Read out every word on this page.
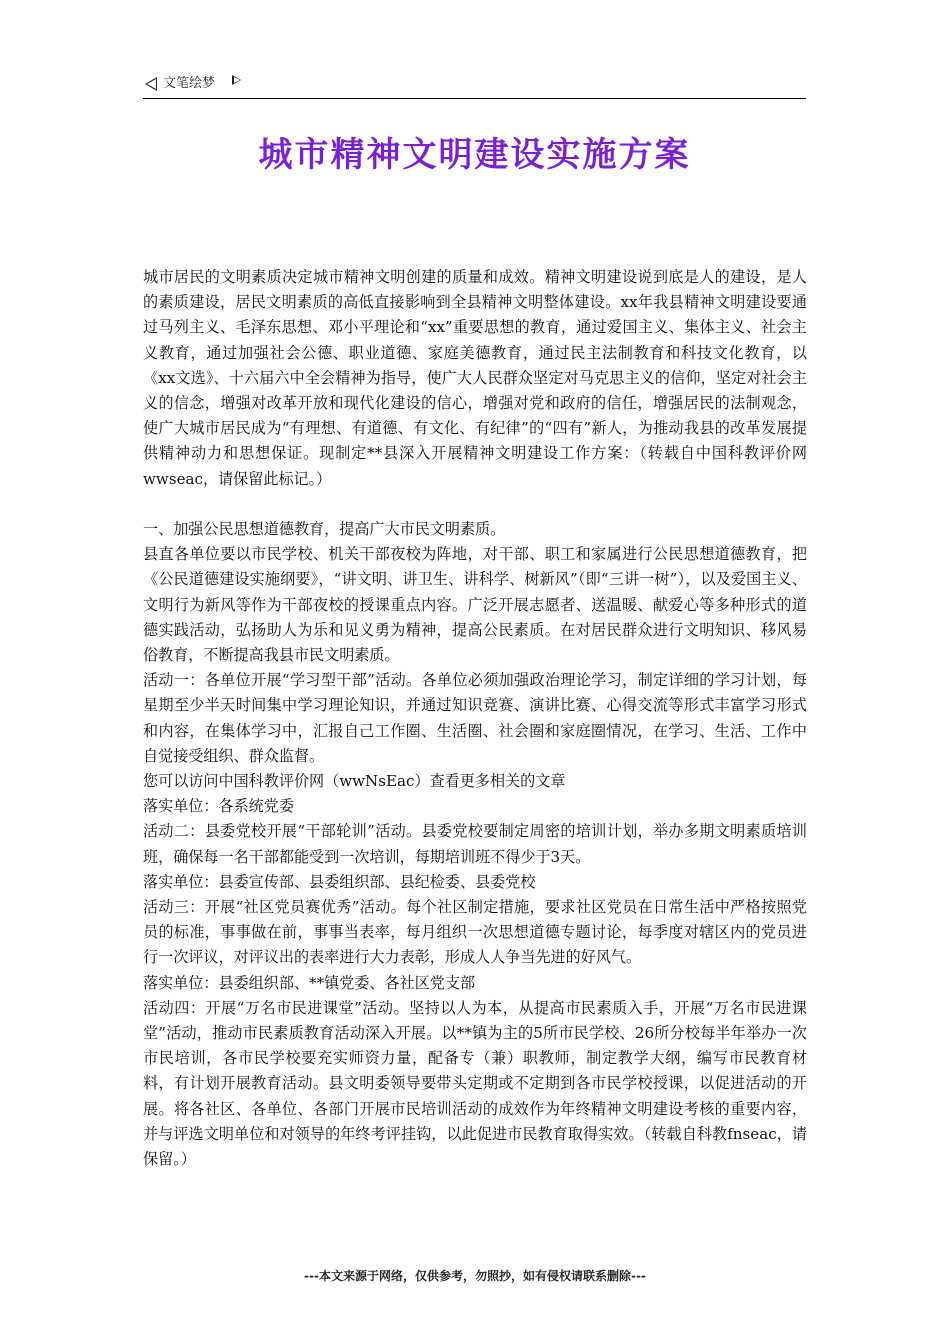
文笔绘梦
城市精神文明建设实施方案

城市居民的文明素质决定城市精神文明创建的质量和成效。精神文明建设说到底是人的建设，是人的素质建设，居民文明素质的高低直接影响到全县精神文明整体建设。xx年我县精神文明建设要通过马列主义、毛泽东思想、邓小平理论和“xx”重要思想的教育，通过爱国主义、集体主义、社会主义教育，通过加强社会公德、职业道德、家庭美德教育，通过民主法制教育和科技文化教育，以《xx文选》、十六届六中全会精神为指导，使广大人民群众坚定对马克思主义的信仰，坚定对社会主义的信念，增强对改革开放和现代化建设的信心，增强对党和政府的信任，增强居民的法制观念，使广大城市居民成为“有理想、有道德、有文化、有纪律”的“四有”新人，为推动我县的改革发展提供精神动力和思想保证。现制定**县深入开展精神文明建设工作方案：（转载自中国科教评价网wwseac，请保留此标记。）

一、加强公民思想道德教育，提高广大市民文明素质。

县直各单位要以市民学校、机关干部夜校为阵地，对干部、职工和家属进行公民思想道德教育，把《公民道德建设实施纲要》，“讲文明、讲卫生、讲科学、树新风”（即“三讲一树”），以及爱国主义、文明行为新风等作为干部夜校的授课重点内容。广泛开展志愿者、送温暖、献爱心等多种形式的道德实践活动，弘扬助人为乐和见义勇为精神，提高公民素质。在对居民群众进行文明知识、移风易俗教育，不断提高我县市民文明素质。

活动一：各单位开展“学习型干部”活动。各单位必须加强政治理论学习，制定详细的学习计划，每星期至少半天时间集中学习理论知识，并通过知识竞赛、演讲比赛、心得交流等形式丰富学习形式和内容，在集体学习中，汇报自己工作圈、生活圈、社会圈和家庭圈情况，在学习、生活、工作中自觉接受组织、群众监督。

您可以访问中国科教评价网（wwNsEac）查看更多相关的文章

落实单位：各系统党委

活动二：县委党校开展“干部轮训”活动。县委党校要制定周密的培训计划，举办多期文明素质培训班，确保每一名干部都能受到一次培训，每期培训班不得少于3天。

落实单位：县委宣传部、县委组织部、县纪检委、县委党校

活动三：开展“社区党员赛优秀”活动。每个社区制定措施，要求社区党员在日常生活中严格按照党员的标准，事事做在前，事事当表率，每月组织一次思想道德专题讨论，每季度对辖区内的党员进行一次评议，对评议出的表率进行大力表彰，形成人人争当先进的好风气。

落实单位：县委组织部、**镇党委、各社区党支部

活动四：开展“万名市民进课堂”活动。坚持以人为本，从提高市民素质入手，开展“万名市民进课堂”活动，推动市民素质教育活动深入开展。以**镇为主的5所市民学校、26所分校每半年举办一次市民培训，各市民学校要充实师资力量，配备专（兼）职教师，制定教学大纲，编写市民教育材料，有计划开展教育活动。县文明委领导要带头定期或不定期到各市民学校授课，以促进活动的开展。将各社区、各单位、各部门开展市民培训活动的成效作为年终精神文明建设考核的重要内容，并与评选文明单位和对领导的年终考评挂钩，以此促进市民教育取得实效。（转载自科教fnseac，请保留。）

---本文来源于网络，仅供参考，勿照抄，如有侵权请联系删除---
